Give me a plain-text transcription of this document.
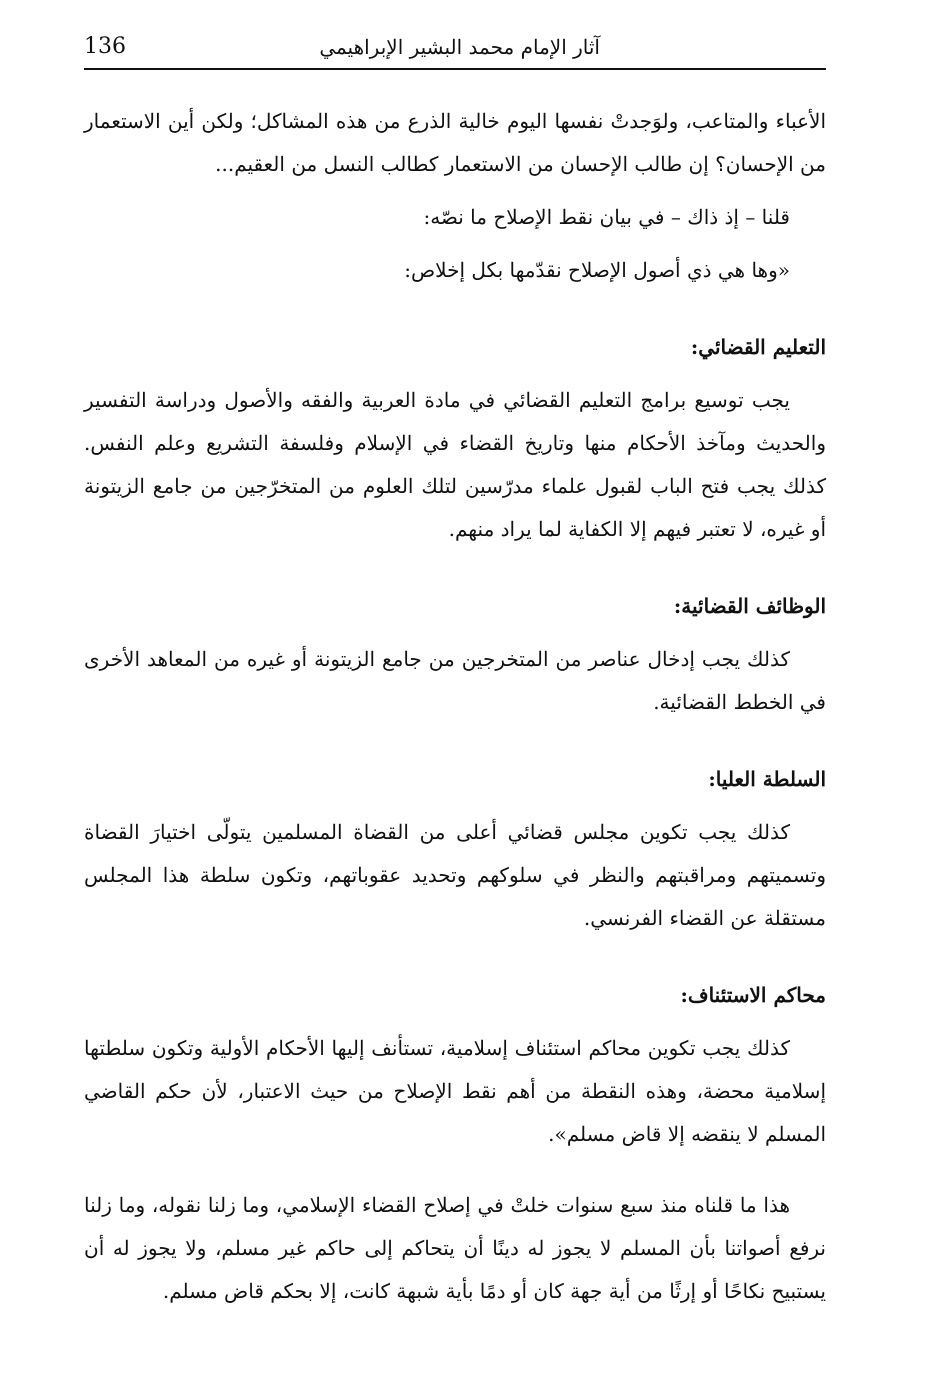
136	آثار الإمام محمد البشير الإبراهيمي

الأعباء والمتاعب، ولوَجدتْ نفسها اليوم خالية الذرع من هذه المشاكل؛ ولكن أين الاستعمار من الإحسان؟ إن طالب الإحسان من الاستعمار كطالب النسل من العقيم...

قلنا – إذ ذاك – في بيان نقط الإصلاح ما نصّه:

«وها هي ذي أصول الإصلاح نقدّمها بكل إخلاص:

التعليم القضائي:

يجب توسيع برامج التعليم القضائي في مادة العربية والفقه والأصول ودراسة التفسير والحديث ومآخذ الأحكام منها وتاريخ القضاء في الإسلام وفلسفة التشريع وعلم النفس. كذلك يجب فتح الباب لقبول علماء مدرّسين لتلك العلوم من المتخرّجين من جامع الزيتونة أو غيره، لا تعتبر فيهم إلا الكفاية لما يراد منهم.

الوظائف القضائية:

كذلك يجب إدخال عناصر من المتخرجين من جامع الزيتونة أو غيره من المعاهد الأخرى في الخطط القضائية.

السلطة العليا:

كذلك يجب تكوين مجلس قضائي أعلى من القضاة المسلمين يتولّى اختيارَ القضاة وتسميتهم ومراقبتهم والنظر في سلوكهم وتحديد عقوباتهم، وتكون سلطة هذا المجلس مستقلة عن القضاء الفرنسي.

محاكم الاستئناف:

كذلك يجب تكوين محاكم استئناف إسلامية، تستأنف إليها الأحكام الأولية وتكون سلطتها إسلامية محضة، وهذه النقطة من أهم نقط الإصلاح من حيث الاعتبار، لأن حكم القاضي المسلم لا ينقضه إلا قاض مسلم».

هذا ما قلناه منذ سبع سنوات خلتْ في إصلاح القضاء الإسلامي، وما زلنا نقوله، وما زلنا نرفع أصواتنا بأن المسلم لا يجوز له دينًا أن يتحاكم إلى حاكم غير مسلم، ولا يجوز له أن يستبيح نكاحًا أو إرثًا من أية جهة كان أو دمًا بأية شبهة كانت، إلا بحكم قاض مسلم.
